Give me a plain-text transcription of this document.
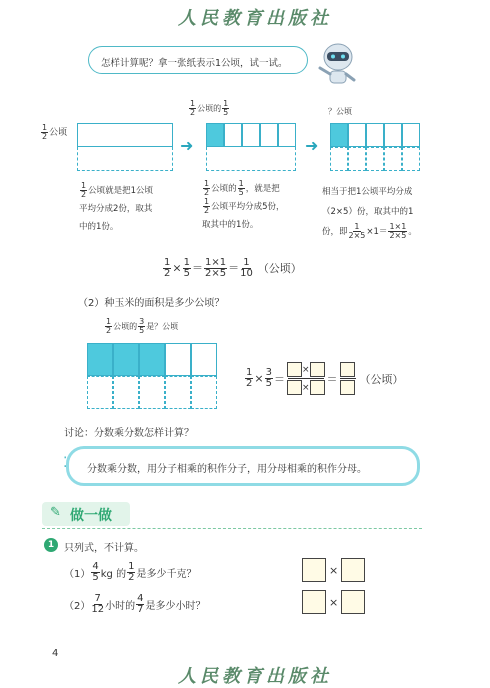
人民教育出版社
怎样计算呢？拿一张纸表示1公顷，试一试。
$\frac{1}{2}$ 公顷
➜
$\frac{1}{2}$ 公顷的 $\frac{1}{5}$
➜
？公顷
$\frac{1}{2}$ 公顷就是把1公顷
平均分成2份，取其
中的1份。
$\frac{1}{2}$ 公顷的 $\frac{1}{5}$ ，就是把
$\frac{1}{2}$ 公顷平均分成5份，
取其中的1份。
相当于把1公顷平均分成
（2×5）份，取其中的1
份，即 $\frac{1}{2\times 5} \times 1= \frac{1\times 1}{2\times 5}$ 。
$\frac{1}{2} \times \frac{1}{5} = \frac{1\times 1}{2\times 5} = \frac{1}{10}$ （公顷）
（2）种玉米的面积是多少公顷？
$\frac{1}{2}$ 公顷的 $\frac{3}{5}$ 是？公顷
$\frac{1}{2} \times \frac{3}{5}$ ＝
×
×
＝ （公顷）
讨论：分数乘分数怎样计算？
⁚ 分数乘分数，用分子相乘的积作分子，用分母相乘的积作分母。
✎ 做一做
1 只列式，不计算。
$(1) \frac{4}{5}$ kg 的 $\frac{1}{2}$ 是多少千克？	×
$(2) \frac{7}{12}$ 小时的 $\frac{4}{7}$ 是多少小时？	×
4
人民教育出版社
